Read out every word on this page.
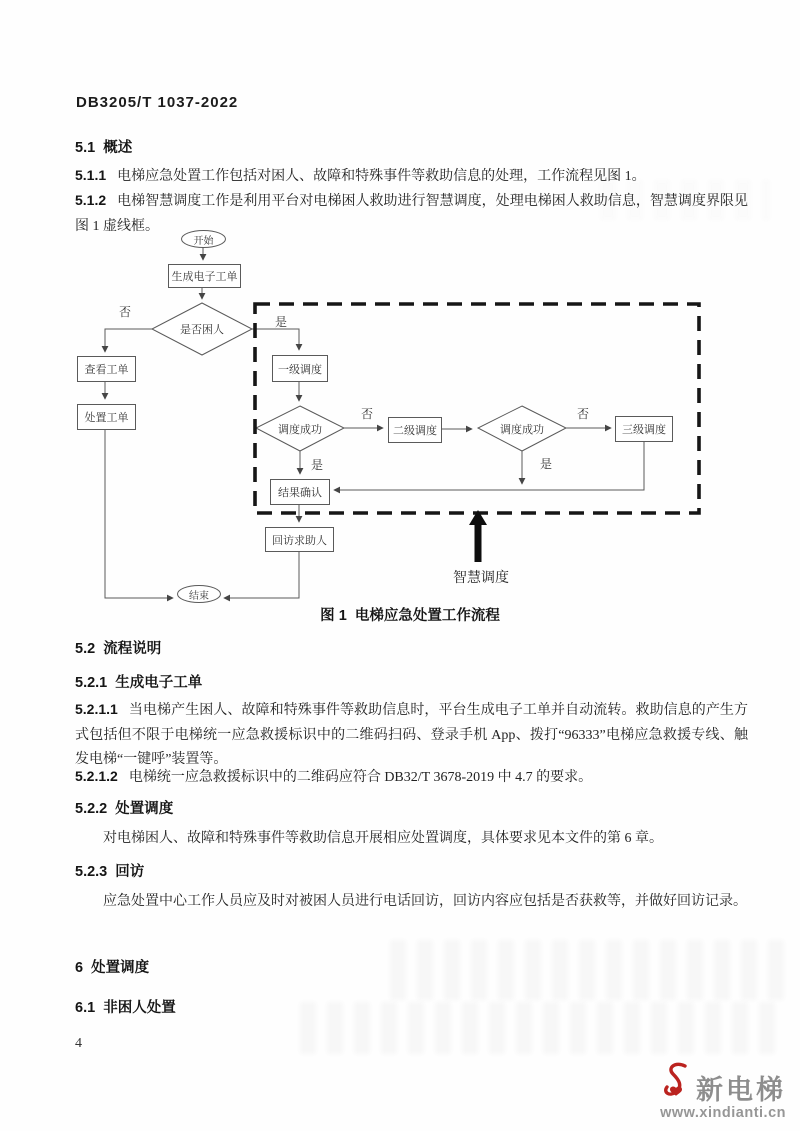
DB3205/T 1037-2022
5.1  概述
5.1.1 电梯应急处置工作包括对困人、故障和特殊事件等救助信息的处理，工作流程见图 1。
5.1.2 电梯智慧调度工作是利用平台对电梯困人救助进行智慧调度，处理电梯困人救助信息，智慧调度界限见图 1 虚线框。
开始
生成电子工单
是否困人
查看工单
处置工单
一级调度
调度成功	二级调度	调度成功	三级调度
结果确认
回访求助人
结束
否
是
否
是
否
是
智慧调度
图 1  电梯应急处置工作流程
5.2  流程说明
5.2.1  生成电子工单
5.2.1.1 当电梯产生困人、故障和特殊事件等救助信息时，平台生成电子工单并自动流转。救助信息的产生方式包括但不限于电梯统一应急救援标识中的二维码扫码、登录手机 App、拨打“96333”电梯应急救援专线、触发电梯“一键呼”装置等。
5.2.1.2 电梯统一应急救援标识中的二维码应符合 DB32/T 3678-2019 中 4.7 的要求。
5.2.2  处置调度
对电梯困人、故障和特殊事件等救助信息开展相应处置调度，具体要求见本文件的第 6 章。
5.2.3  回访
应急处置中心工作人员应及时对被困人员进行电话回访，回访内容应包括是否获救等，并做好回访记录。
6  处置调度
6.1  非困人处置
4
新电梯
www.xindianti.cn
